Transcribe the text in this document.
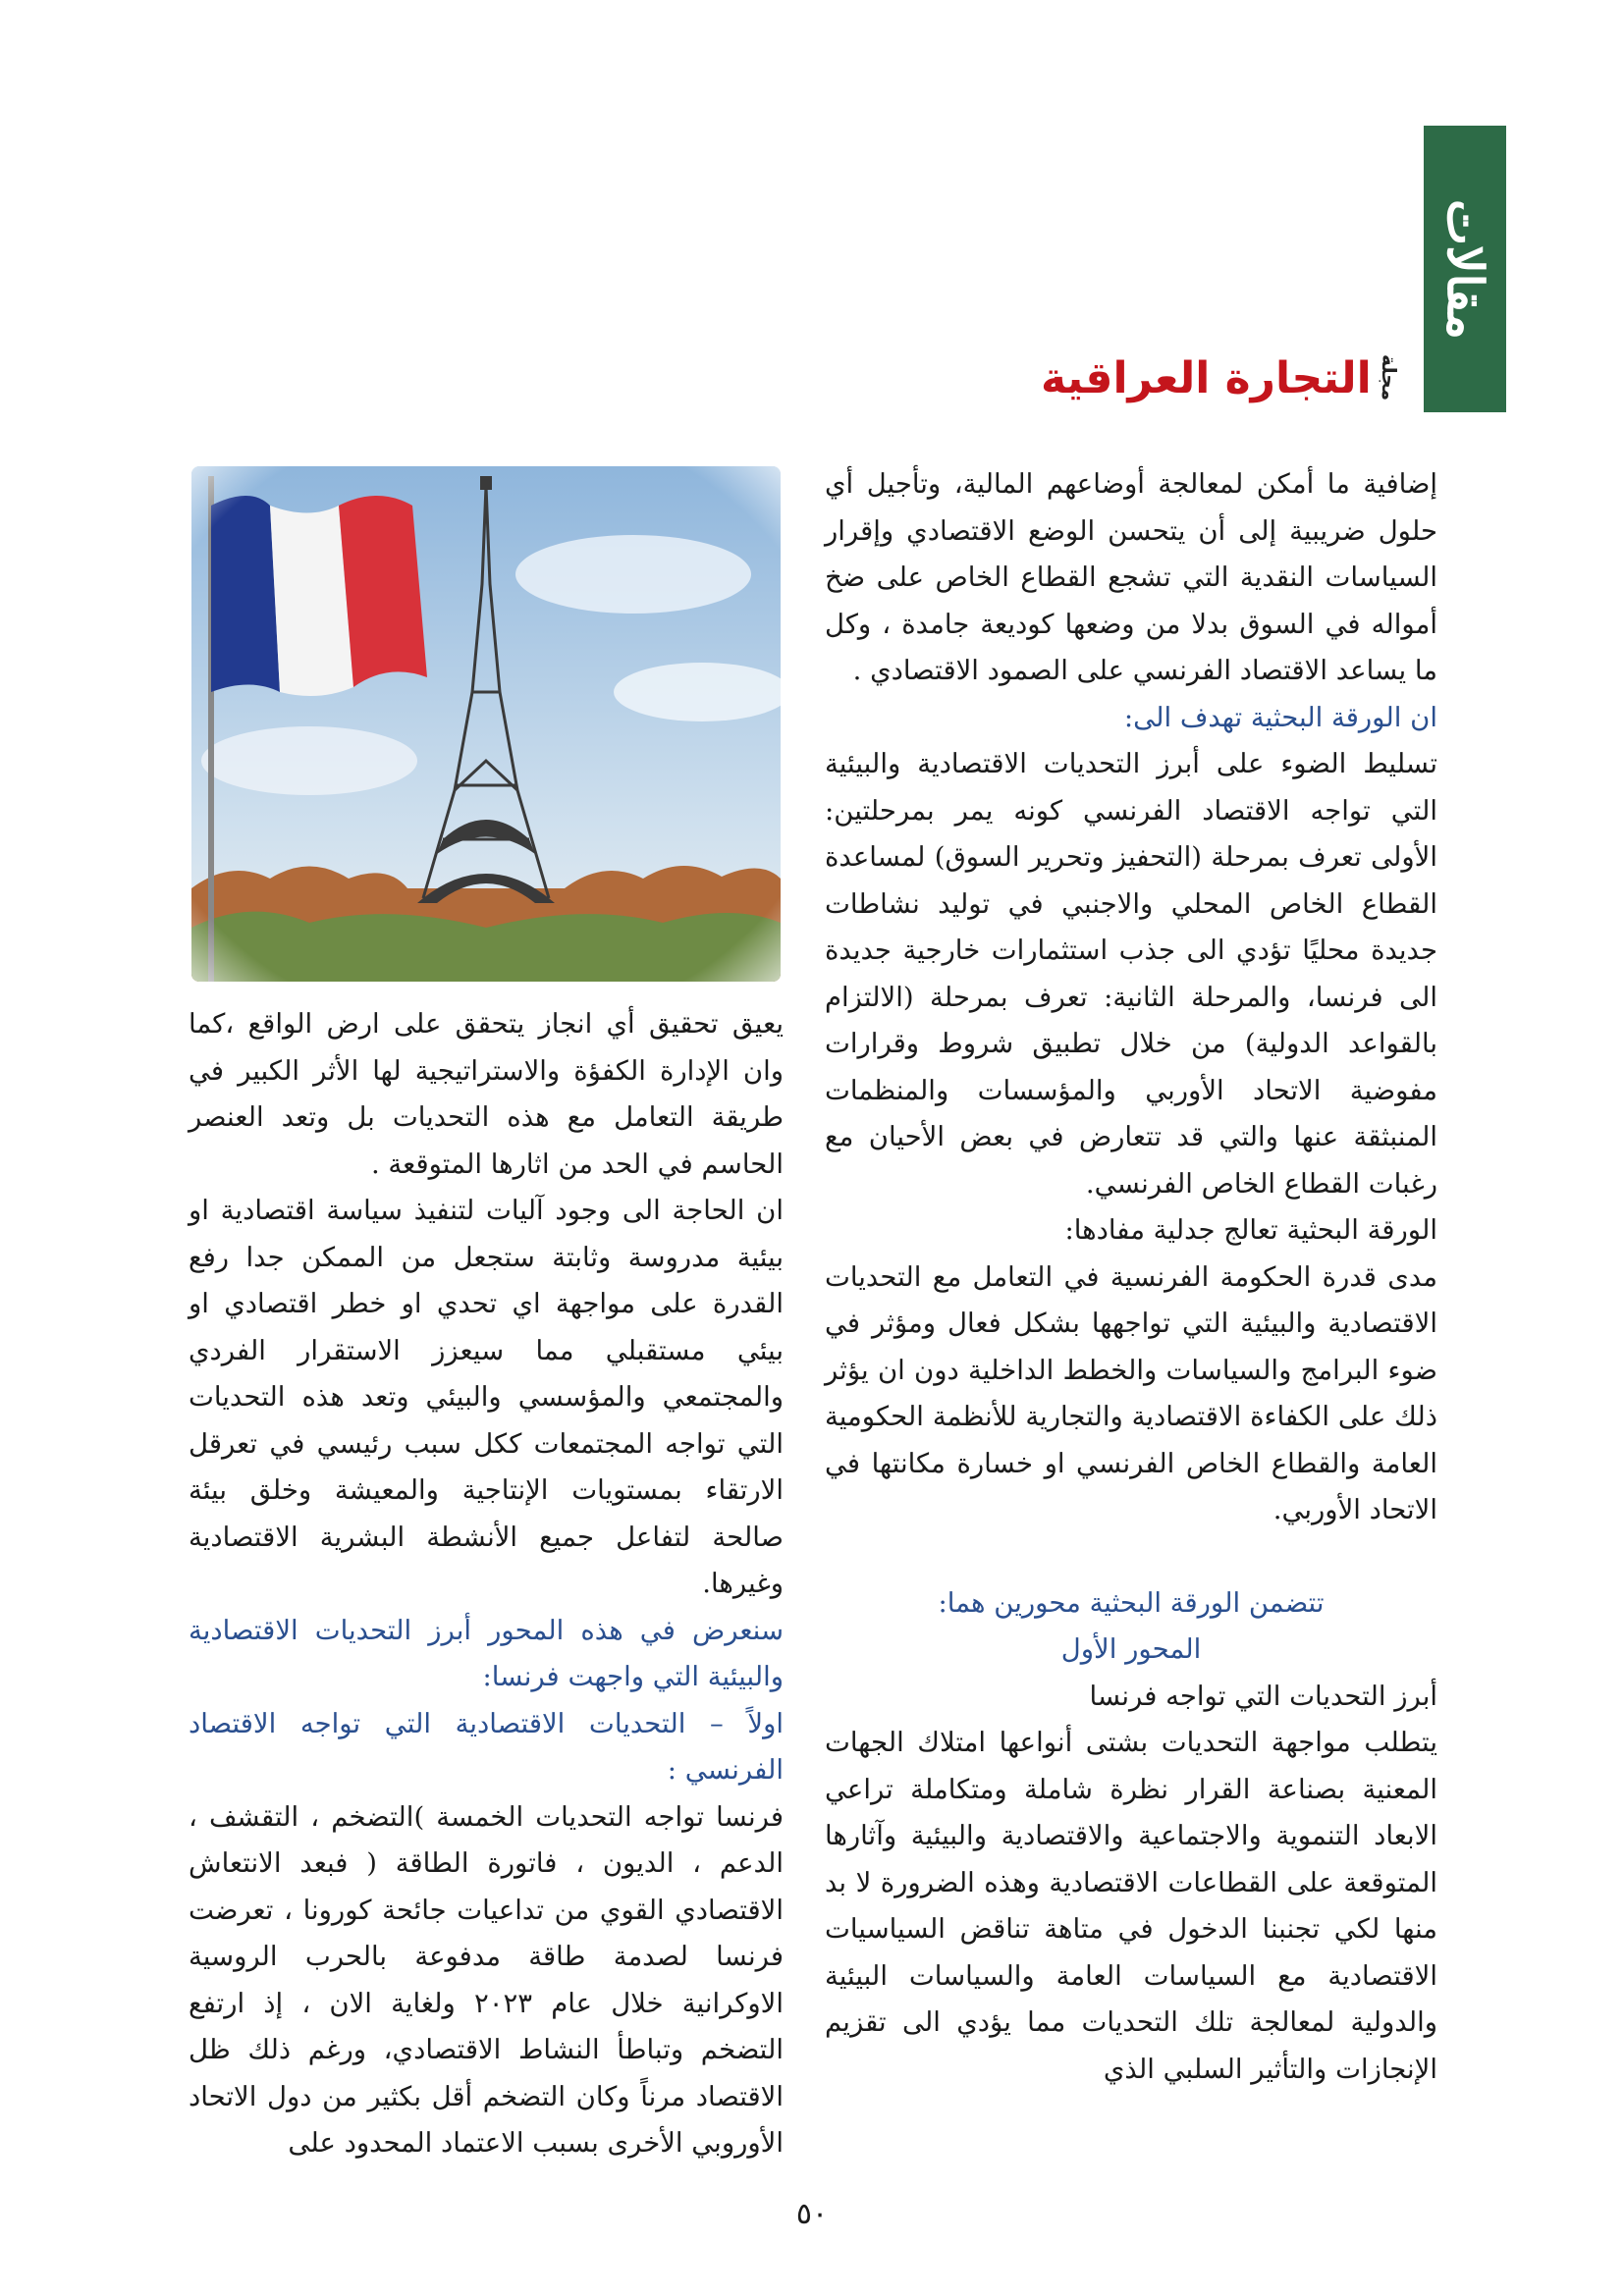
مقالات
مجلة
التجارة العراقية

إضافية ما أمكن لمعالجة أوضاعهم المالية، وتأجيل أي حلول ضريبية إلى أن يتحسن الوضع الاقتصادي وإقرار السياسات النقدية التي تشجع القطاع الخاص على ضخ أمواله في السوق بدلا من وضعها كوديعة جامدة ، وكل ما يساعد الاقتصاد الفرنسي على الصمود الاقتصادي .

ان الورقة البحثية تهدف الى:

تسليط الضوء على أبرز التحديات الاقتصادية والبيئية التي تواجه الاقتصاد الفرنسي كونه يمر بمرحلتين: الأولى تعرف بمرحلة (التحفيز وتحرير السوق) لمساعدة القطاع الخاص المحلي والاجنبي في توليد نشاطات جديدة محليًا تؤدي الى جذب استثمارات خارجية جديدة الى فرنسا، والمرحلة الثانية: تعرف بمرحلة (الالتزام بالقواعد الدولية) من خلال تطبيق شروط وقرارات مفوضية الاتحاد الأوربي والمؤسسات والمنظمات المنبثقة عنها والتي قد تتعارض في بعض الأحيان مع رغبات القطاع الخاص الفرنسي.

الورقة البحثية تعالج جدلية مفادها:

مدى قدرة الحكومة الفرنسية في التعامل مع التحديات الاقتصادية والبيئية التي تواجهها بشكل فعال ومؤثر في ضوء البرامج والسياسات والخطط الداخلية دون ان يؤثر ذلك على الكفاءة الاقتصادية والتجارية للأنظمة الحكومية العامة والقطاع الخاص الفرنسي او خسارة مكانتها في الاتحاد الأوربي.

تتضمن الورقة البحثية محورين هما:

المحور الأول

أبرز التحديات التي تواجه فرنسا

يتطلب مواجهة التحديات بشتى أنواعها امتلاك الجهات المعنية بصناعة القرار نظرة شاملة ومتكاملة تراعي الابعاد التنموية والاجتماعية والاقتصادية والبيئية وآثارها المتوقعة على القطاعات الاقتصادية وهذه الضرورة لا بد منها لكي تجنبنا الدخول في متاهة تناقض السياسيات الاقتصادية مع السياسات العامة والسياسات البيئية والدولية لمعالجة تلك التحديات مما يؤدي الى تقزيم الإنجازات والتأثير السلبي الذي

يعيق تحقيق أي انجاز يتحقق على ارض الواقع ،كما وان الإدارة الكفؤة والاستراتيجية لها الأثر الكبير في طريقة التعامل مع هذه التحديات بل وتعد العنصر الحاسم في الحد من اثارها المتوقعة .

ان الحاجة الى وجود آليات لتنفيذ سياسة اقتصادية او بيئية مدروسة وثابتة ستجعل من الممكن جدا رفع القدرة على مواجهة اي تحدي او خطر اقتصادي او بيئي مستقبلي مما سيعزز الاستقرار الفردي والمجتمعي والمؤسسي والبيئي وتعد هذه التحديات التي تواجه المجتمعات ككل سبب رئيسي في تعرقل الارتقاء بمستويات الإنتاجية والمعيشة وخلق بيئة صالحة لتفاعل جميع الأنشطة البشرية الاقتصادية وغيرها.

سنعرض في هذه المحور أبرز التحديات الاقتصادية والبيئية التي واجهت فرنسا:

اولاً – التحديات الاقتصادية التي تواجه الاقتصاد الفرنسي :

فرنسا تواجه التحديات الخمسة )التضخم ، التقشف ، الدعم ، الديون ، فاتورة الطاقة ( فبعد الانتعاش الاقتصادي القوي من تداعيات جائحة كورونا ، تعرضت فرنسا لصدمة طاقة مدفوعة بالحرب الروسية الاوكرانية خلال عام ٢٠٢٣ ولغاية الان ، إذ ارتفع التضخم وتباطأ النشاط الاقتصادي، ورغم ذلك ظل الاقتصاد مرناً وكان التضخم أقل بكثير من دول الاتحاد الأوروبي الأخرى بسبب الاعتماد المحدود على

٥٠
